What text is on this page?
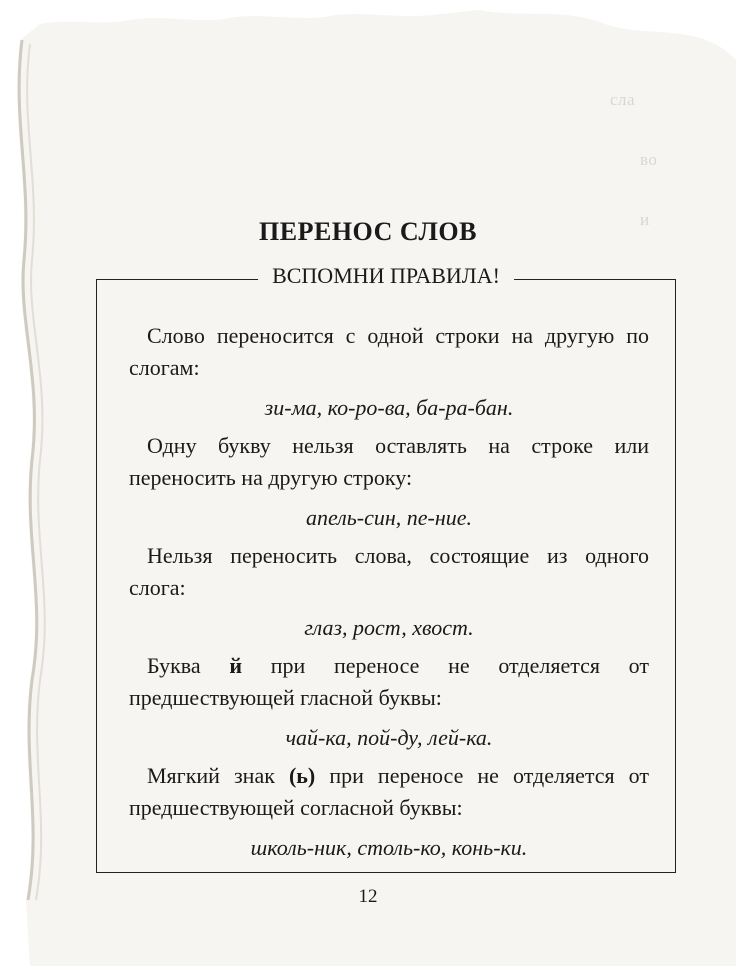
сла
во
и
ПЕРЕНОС СЛОВ
ВСПОМНИ ПРАВИЛА!

Слово переносится с одной строки на другую по слогам:

зи-ма, ко-ро-ва, ба-ра-бан.

Одну букву нельзя оставлять на строке или переносить на другую строку:

апель-син, пе-ние.

Нельзя переносить слова, состоящие из одного слога:

глаз, рост, хвост.

Буква й при переносе не отделяется от предшествующей гласной буквы:

чай-ка, пой-ду, лей-ка.

Мягкий знак (ь) при переносе не отделяется от предшествующей согласной буквы:

школь-ник, столь-ко, конь-ки.

12
